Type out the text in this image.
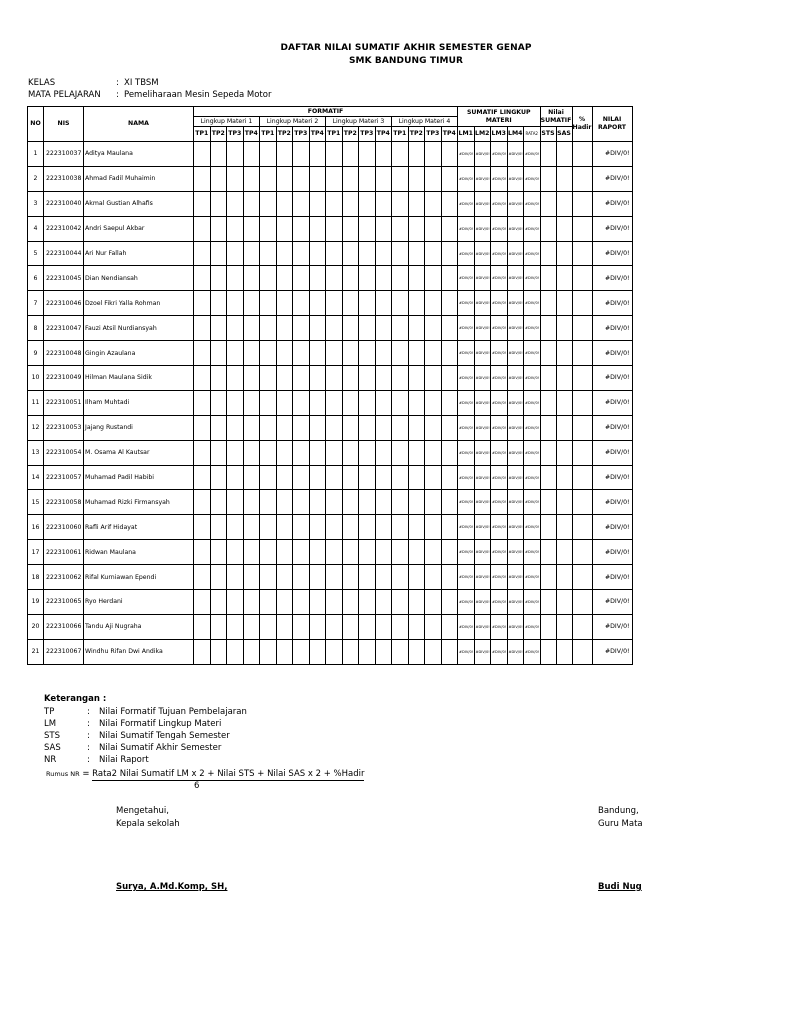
DAFTAR NILAI SUMATIF AKHIR SEMESTER GENAP
SMK BANDUNG TIMUR
KELAS	: XI TBSM
MATA PELAJARAN : Pemeliharaan Mesin Sepeda Motor
NO	NIS	NAMA	FORMATIF																SUMATIF LINGKUP MATERI					Nilai SUMATIF		% Hadir	NILAI RAPORT
			Lingkup Materi 1				Lingkup Materi 2				Lingkup Materi 3				Lingkup Materi 4												
			TP1	TP2	TP3	TP4	TP1	TP2	TP3	TP4	TP1	TP2	TP3	TP4	TP1	TP2	TP3	TP4	LM1	LM2	LM3	LM4	RATA2	STS	SAS		
1	222310037	Aditya Maulana																	#DIV/0!	#DIV/0!	#DIV/0!	#DIV/0!	#DIV/0!				#DIV/0!
2	222310038	Ahmad Fadil Muhaimin																	#DIV/0!	#DIV/0!	#DIV/0!	#DIV/0!	#DIV/0!				#DIV/0!
3	222310040	Akmal Gustian Alhafis																	#DIV/0!	#DIV/0!	#DIV/0!	#DIV/0!	#DIV/0!				#DIV/0!
4	222310042	Andri Saepul Akbar																	#DIV/0!	#DIV/0!	#DIV/0!	#DIV/0!	#DIV/0!				#DIV/0!
5	222310044	Ari Nur Fallah																	#DIV/0!	#DIV/0!	#DIV/0!	#DIV/0!	#DIV/0!				#DIV/0!
6	222310045	Dian Nendiansah																	#DIV/0!	#DIV/0!	#DIV/0!	#DIV/0!	#DIV/0!				#DIV/0!
7	222310046	Dzoel Fikri Yalla Rohman																	#DIV/0!	#DIV/0!	#DIV/0!	#DIV/0!	#DIV/0!				#DIV/0!
8	222310047	Fauzi Atsil Nurdiansyah																	#DIV/0!	#DIV/0!	#DIV/0!	#DIV/0!	#DIV/0!				#DIV/0!
9	222310048	Gingin Azaulana																	#DIV/0!	#DIV/0!	#DIV/0!	#DIV/0!	#DIV/0!				#DIV/0!
10	222310049	Hilman Maulana Sidik																	#DIV/0!	#DIV/0!	#DIV/0!	#DIV/0!	#DIV/0!				#DIV/0!
11	222310051	Ilham Muhtadi																	#DIV/0!	#DIV/0!	#DIV/0!	#DIV/0!	#DIV/0!				#DIV/0!
12	222310053	Jajang Rustandi																	#DIV/0!	#DIV/0!	#DIV/0!	#DIV/0!	#DIV/0!				#DIV/0!
13	222310054	M. Osama Al Kautsar																	#DIV/0!	#DIV/0!	#DIV/0!	#DIV/0!	#DIV/0!				#DIV/0!
14	222310057	Muhamad Padil Habibi																	#DIV/0!	#DIV/0!	#DIV/0!	#DIV/0!	#DIV/0!				#DIV/0!
15	222310058	Muhamad Rizki Firmansyah																	#DIV/0!	#DIV/0!	#DIV/0!	#DIV/0!	#DIV/0!				#DIV/0!
16	222310060	Rafli Arif Hidayat																	#DIV/0!	#DIV/0!	#DIV/0!	#DIV/0!	#DIV/0!				#DIV/0!
17	222310061	Ridwan Maulana																	#DIV/0!	#DIV/0!	#DIV/0!	#DIV/0!	#DIV/0!				#DIV/0!
18	222310062	Rifal Kurniawan Ependi																	#DIV/0!	#DIV/0!	#DIV/0!	#DIV/0!	#DIV/0!				#DIV/0!
19	222310065	Ryo Herdani																	#DIV/0!	#DIV/0!	#DIV/0!	#DIV/0!	#DIV/0!				#DIV/0!
20	222310066	Tandu Aji Nugraha																	#DIV/0!	#DIV/0!	#DIV/0!	#DIV/0!	#DIV/0!				#DIV/0!
21	222310067	Windhu Rifan Dwi Andika																	#DIV/0!	#DIV/0!	#DIV/0!	#DIV/0!	#DIV/0!				#DIV/0!
Keterangan :
TP	: Nilai Formatif Tujuan Pembelajaran
LM	: Nilai Formatif Lingkup Materi
STS	: Nilai Sumatif Tengah Semester
SAS	: Nilai Sumatif Akhir Semester
NR	: Nilai Raport
Rumus NR = Rata2 Nilai Sumatif LM x 2 + Nilai STS + Nilai SAS x 2 + %Hadir
6
Mengetahui,
Kepala sekolah
Surya, A.Md.Komp, SH,
Bandung,
Guru Mata
Budi Nug
